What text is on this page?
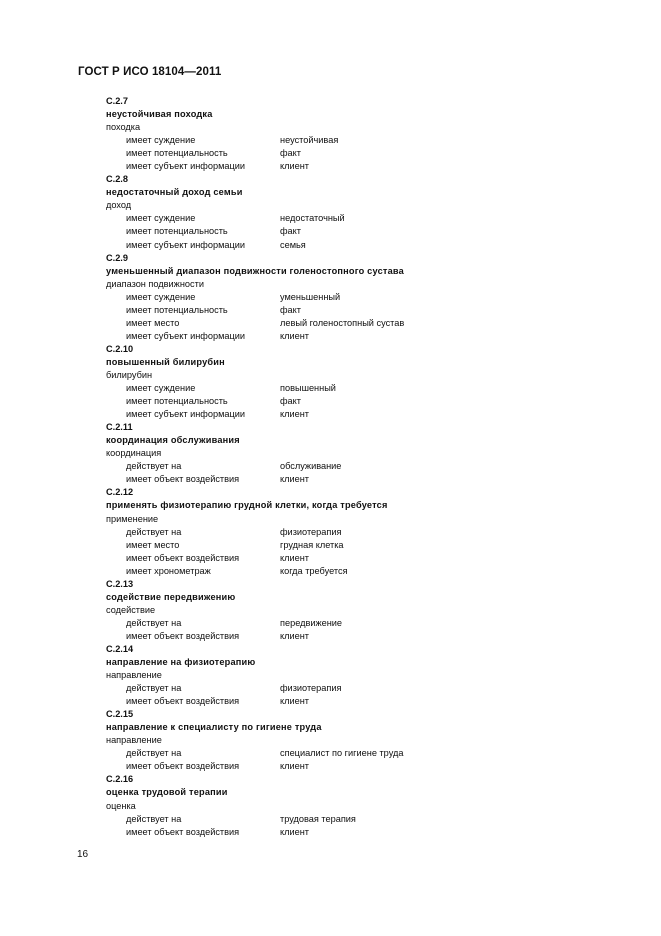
ГОСТ Р ИСО 18104—2011
С.2.7
неустойчивая походка
походка
имеет суждение	неустойчивая
имеет потенциальность	факт
имеет субъект информации	клиент
С.2.8
недостаточный доход семьи
доход
имеет суждение	недостаточный
имеет потенциальность	факт
имеет субъект информации	семья
С.2.9
уменьшенный диапазон подвижности голеностопного сустава
диапазон подвижности
имеет суждение	уменьшенный
имеет потенциальность	факт
имеет место	левый голеностопный сустав
имеет субъект информации	клиент
С.2.10
повышенный билирубин
билирубин
имеет суждение	повышенный
имеет потенциальность	факт
имеет субъект информации	клиент
С.2.11
координация обслуживания
координация
действует на	обслуживание
имеет объект воздействия	клиент
С.2.12
применять физиотерапию грудной клетки, когда требуется
применение
действует на	физиотерапия
имеет место	грудная клетка
имеет объект воздействия	клиент
имеет хронометраж	когда требуется
С.2.13
содействие передвижению
содействие
действует на	передвижение
имеет объект воздействия	клиент
С.2.14
направление на физиотерапию
направление
действует на	физиотерапия
имеет объект воздействия	клиент
С.2.15
направление к специалисту по гигиене труда
направление
действует на	специалист по гигиене труда
имеет объект воздействия	клиент
С.2.16
оценка трудовой терапии
оценка
действует на	трудовая терапия
имеет объект воздействия	клиент
16
